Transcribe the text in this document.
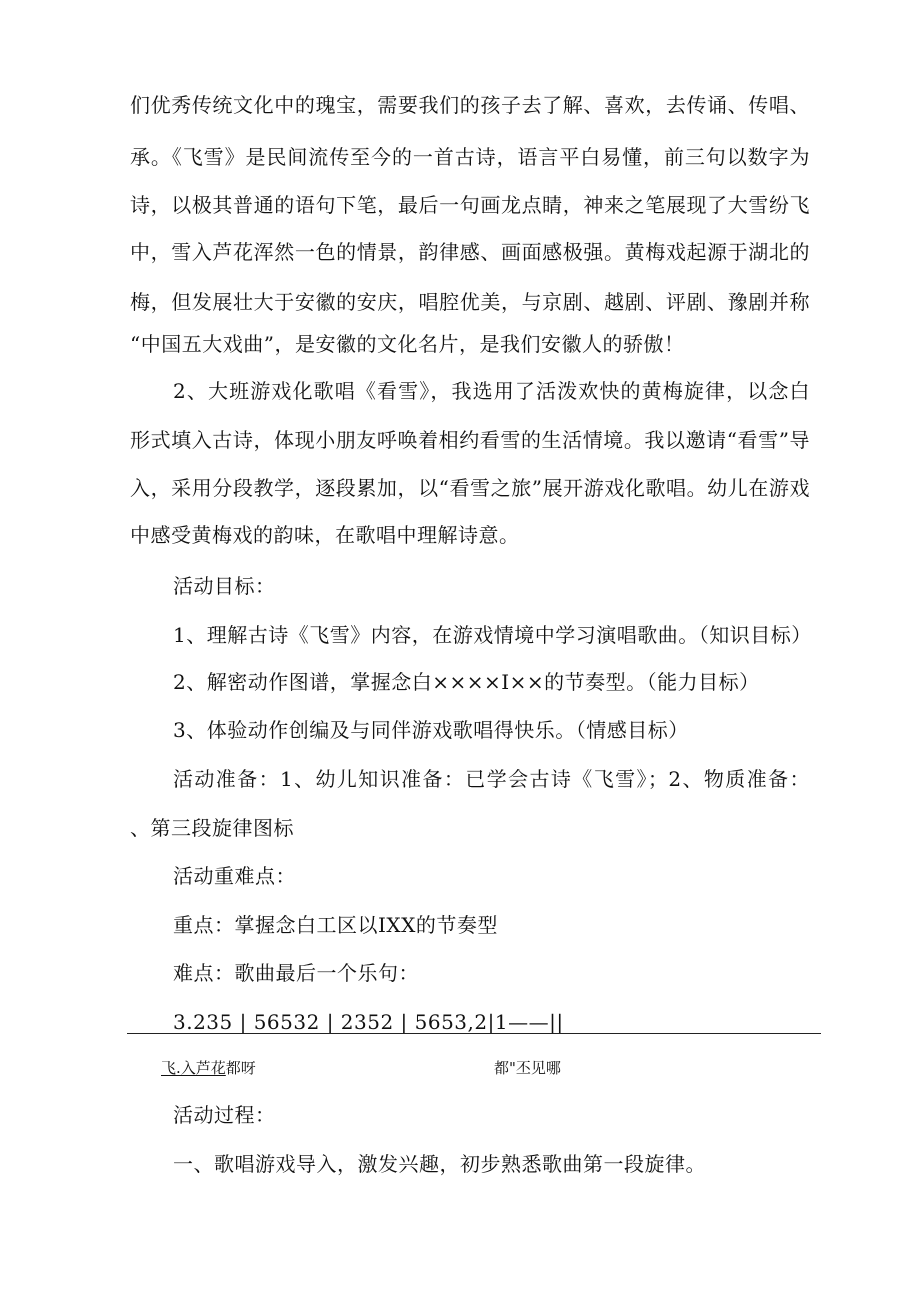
们优秀传统文化中的瑰宝，需要我们的孩子去了解、喜欢，去传诵、传唱、
承。《飞雪》是民间流传至今的一首古诗，语言平白易懂，前三句以数字为
诗，以极其普通的语句下笔，最后一句画龙点睛，神来之笔展现了大雪纷飞
中，雪入芦花浑然一色的情景，韵律感、画面感极强。黄梅戏起源于湖北的
梅，但发展壮大于安徽的安庆，唱腔优美，与京剧、越剧、评剧、豫剧并称
“中国五大戏曲”，是安徽的文化名片，是我们安徽人的骄傲！
2、大班游戏化歌唱《看雪》，我选用了活泼欢快的黄梅旋律，以念白
形式填入古诗，体现小朋友呼唤着相约看雪的生活情境。我以邀请“看雪”导
入，采用分段教学，逐段累加，以“看雪之旅”展开游戏化歌唱。幼儿在游戏
中感受黄梅戏的韵味，在歌唱中理解诗意。
活动目标：
1、理解古诗《飞雪》内容，在游戏情境中学习演唱歌曲。（知识目标）
2、解密动作图谱，掌握念白××××I××的节奏型。（能力目标）
3、体验动作创编及与同伴游戏歌唱得快乐。（情感目标）
活动准备：1、幼儿知识准备：已学会古诗《飞雪》；2、物质准备：
、第三段旋律图标
活动重难点：
重点：掌握念白工区以IXX的节奏型
难点：歌曲最后一个乐句：
3.235 | 56532 | 2352 | 5653,2|1——||
飞.入芦花都呀	都"丕见哪
活动过程：
一、歌唱游戏导入，激发兴趣，初步熟悉歌曲第一段旋律。
